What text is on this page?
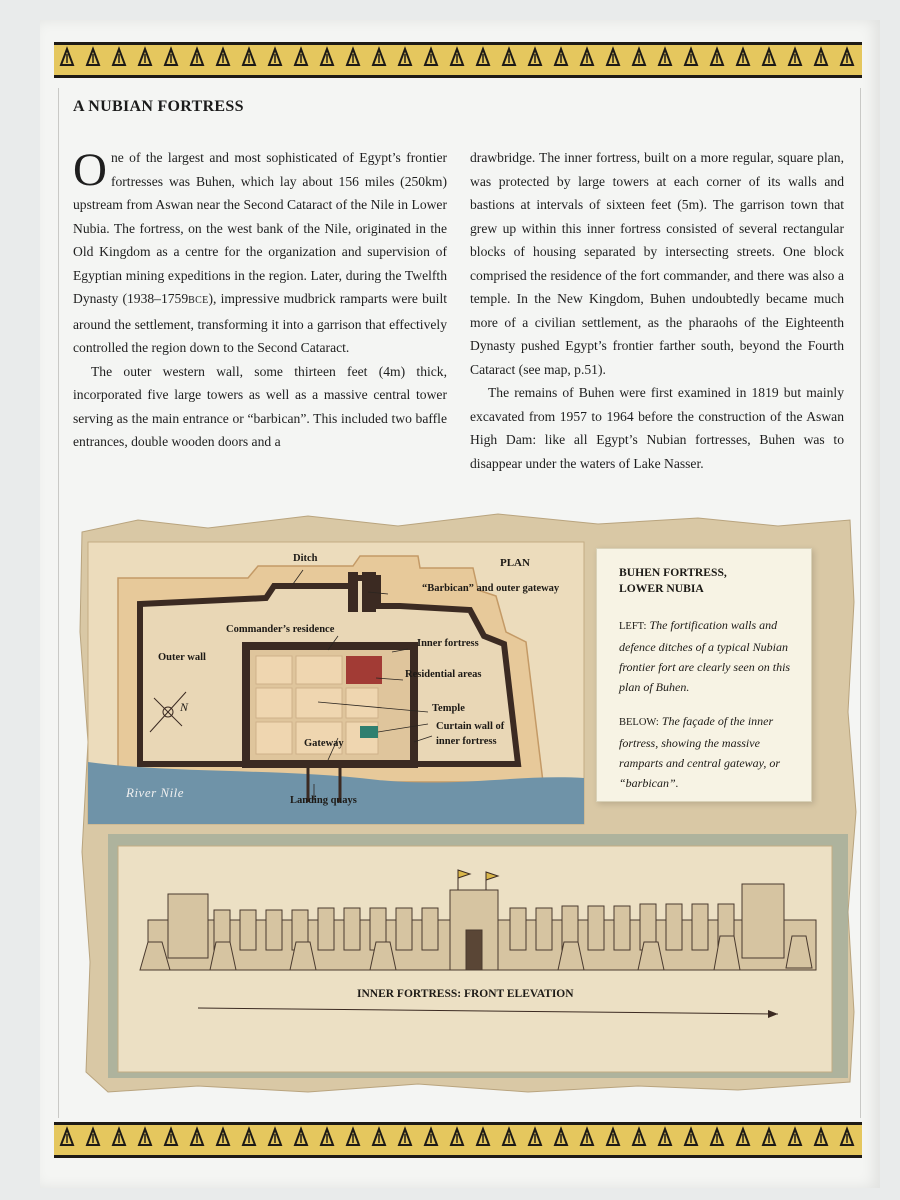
A NUBIAN FORTRESS

One of the largest and most sophisticated of Egypt’s frontier fortresses was Buhen, which lay about 156 miles (250km) upstream from Aswan near the Second Cataract of the Nile in Lower Nubia. The fortress, on the west bank of the Nile, originated in the Old Kingdom as a centre for the organization and supervision of Egyptian mining expeditions in the region. Later, during the Twelfth Dynasty (1938–1759BCE), impressive mudbrick ramparts were built around the settlement, transforming it into a garrison that effectively controlled the region down to the Second Cataract.

The outer western wall, some thirteen feet (4m) thick, incorporated five large towers as well as a massive central tower serving as the main entrance or “barbican”. This included two baffle entrances, double wooden doors and a

drawbridge. The inner fortress, built on a more regular, square plan, was protected by large towers at each corner of its walls and bastions at intervals of sixteen feet (5m). The garrison town that grew up within this inner fortress consisted of several rectangular blocks of housing separated by intersecting streets. One block comprised the residence of the fort commander, and there was also a temple. In the New Kingdom, Buhen undoubtedly became much more of a civilian settlement, as the pharaohs of the Eighteenth Dynasty pushed Egypt’s frontier farther south, beyond the Fourth Cataract (see map, p.51).

The remains of Buhen were first examined in 1819 but mainly excavated from 1957 to 1964 before the construction of the Aswan High Dam: like all Egypt’s Nubian fortresses, Buhen was to disappear under the waters of Lake Nasser.

Ditch	PLAN
“Barbican” and outer gateway
Commander’s residence
Inner fortress
Outer wall
Residential areas
Temple
Curtain wall of
inner fortress
Gateway
River Nile
Landing quays
N
BUHEN FORTRESS,
LOWER NUBIA
LEFT: The fortification walls and defence ditches of a typical Nubian frontier fort are clearly seen on this plan of Buhen.
BELOW: The façade of the inner fortress, showing the massive ramparts and central gateway, or “barbican”.
INNER FORTRESS: FRONT ELEVATION
